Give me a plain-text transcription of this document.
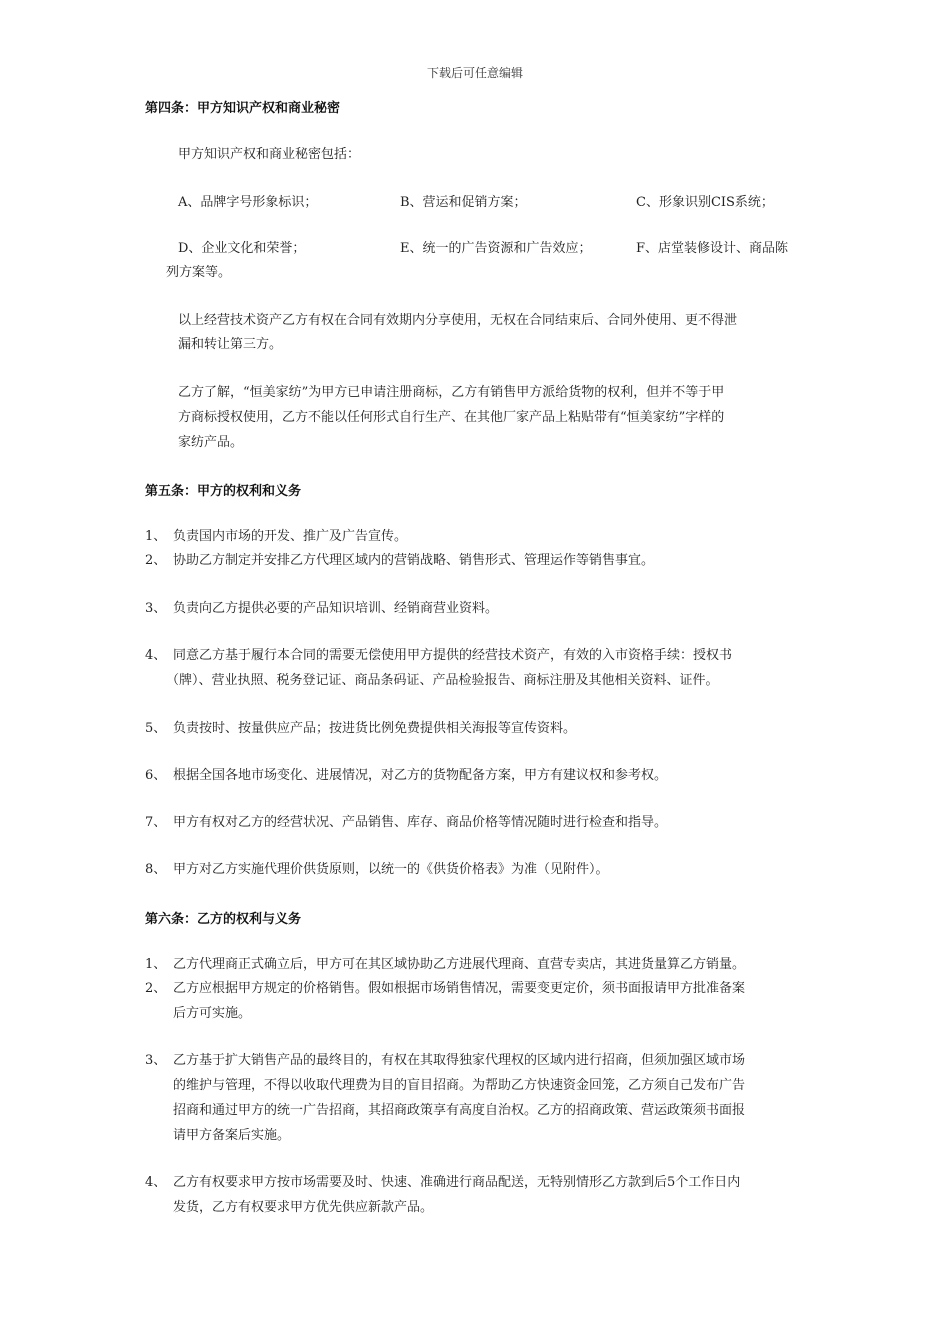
下载后可任意编辑
第四条：甲方知识产权和商业秘密
甲方知识产权和商业秘密包括：
A、品牌字号形象标识；	B、营运和促销方案；	C、形象识别CIS系统；
D、企业文化和荣誉；	E、统一的广告资源和广告效应；	F、店堂装修设计、商品陈
列方案等。
以上经营技术资产乙方有权在合同有效期内分享使用，无权在合同结束后、合同外使用、更不得泄
漏和转让第三方。
乙方了解，“恒美家纺”为甲方已申请注册商标，乙方有销售甲方派给货物的权利，但并不等于甲
方商标授权使用，乙方不能以任何形式自行生产、在其他厂家产品上粘贴带有“恒美家纺”字样的
家纺产品。
第五条：甲方的权利和义务
1、 负责国内市场的开发、推广及广告宣传。
2、 协助乙方制定并安排乙方代理区域内的营销战略、销售形式、管理运作等销售事宜。
3、 负责向乙方提供必要的产品知识培训、经销商营业资料。
4、 同意乙方基于履行本合同的需要无偿使用甲方提供的经营技术资产，有效的入市资格手续：授权书
（牌）、营业执照、税务登记证、商品条码证、产品检验报告、商标注册及其他相关资料、证件。
5、 负责按时、按量供应产品；按进货比例免费提供相关海报等宣传资料。
6、 根据全国各地市场变化、进展情况，对乙方的货物配备方案，甲方有建议权和参考权。
7、 甲方有权对乙方的经营状况、产品销售、库存、商品价格等情况随时进行检查和指导。
8、 甲方对乙方实施代理价供货原则，以统一的《供货价格表》为准（见附件）。
第六条：乙方的权利与义务
1、 乙方代理商正式确立后，甲方可在其区域协助乙方进展代理商、直营专卖店，其进货量算乙方销量。
2、 乙方应根据甲方规定的价格销售。假如根据市场销售情况，需要变更定价，须书面报请甲方批准备案
后方可实施。
3、 乙方基于扩大销售产品的最终目的，有权在其取得独家代理权的区域内进行招商，但须加强区域市场
的维护与管理，不得以收取代理费为目的盲目招商。为帮助乙方快速资金回笼，乙方须自己发布广告
招商和通过甲方的统一广告招商，其招商政策享有高度自治权。乙方的招商政策、营运政策须书面报
请甲方备案后实施。
4、 乙方有权要求甲方按市场需要及时、快速、准确进行商品配送，无特别情形乙方款到后5个工作日内
发货，乙方有权要求甲方优先供应新款产品。
